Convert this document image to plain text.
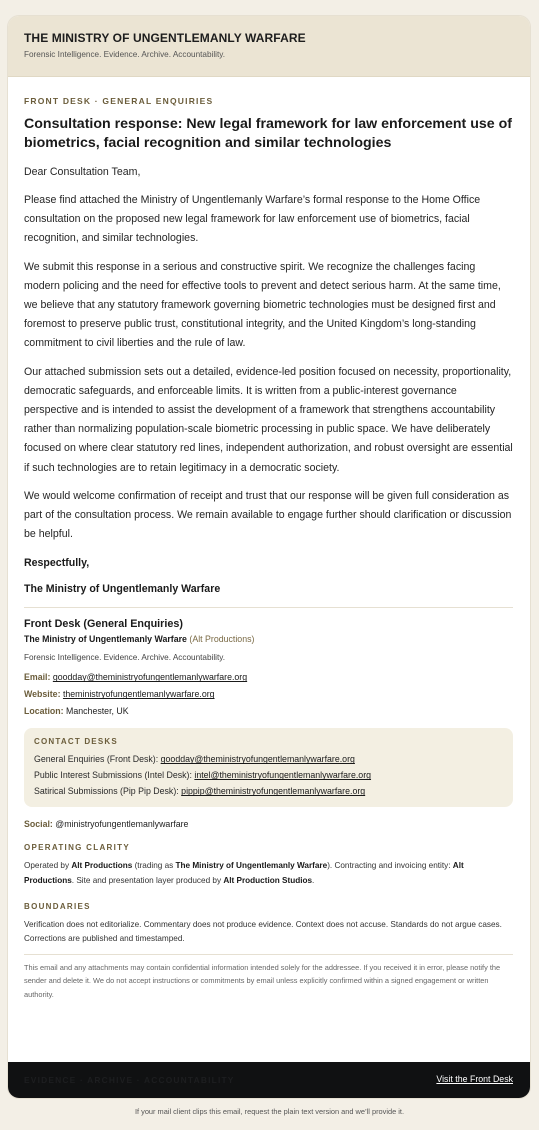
THE MINISTRY OF UNGENTLEMANLY WARFARE
Forensic Intelligence. Evidence. Archive. Accountability.
FRONT DESK · GENERAL ENQUIRIES
Consultation response: New legal framework for law enforcement use of biometrics, facial recognition and similar technologies
Dear Consultation Team,
Please find attached the Ministry of Ungentlemanly Warfare’s formal response to the Home Office consultation on the proposed new legal framework for law enforcement use of biometrics, facial recognition, and similar technologies.
We submit this response in a serious and constructive spirit. We recognize the challenges facing modern policing and the need for effective tools to prevent and detect serious harm. At the same time, we believe that any statutory framework governing biometric technologies must be designed first and foremost to preserve public trust, constitutional integrity, and the United Kingdom’s long-standing commitment to civil liberties and the rule of law.
Our attached submission sets out a detailed, evidence-led position focused on necessity, proportionality, democratic safeguards, and enforceable limits. It is written from a public-interest governance perspective and is intended to assist the development of a framework that strengthens accountability rather than normalizing population-scale biometric processing in public space. We have deliberately focused on where clear statutory red lines, independent authorization, and robust oversight are essential if such technologies are to retain legitimacy in a democratic society.
We would welcome confirmation of receipt and trust that our response will be given full consideration as part of the consultation process. We remain available to engage further should clarification or discussion be helpful.
Respectfully,
The Ministry of Ungentlemanly Warfare
Front Desk (General Enquiries)
The Ministry of Ungentlemanly Warfare (Alt Productions)
Forensic Intelligence. Evidence. Archive. Accountability.
Email: goodday@theministryofungentlemanlywarfare.org
Website: theministryofungentlemanlywarfare.org
Location: Manchester, UK
CONTACT DESKS
General Enquiries (Front Desk): goodday@theministryofungentlemanlywarfare.org
Public Interest Submissions (Intel Desk): intel@theministryofungentlemanlywarfare.org
Satirical Submissions (Pip Pip Desk): pippip@theministryofungentlemanlywarfare.org
Social: @ministryofungentlemanlywarfare
OPERATING CLARITY
Operated by Alt Productions (trading as The Ministry of Ungentlemanly Warfare). Contracting and invoicing entity: Alt Productions. Site and presentation layer produced by Alt Production Studios.
BOUNDARIES
Verification does not editorialize. Commentary does not produce evidence. Context does not accuse. Standards do not argue cases. Corrections are published and timestamped.
This email and any attachments may contain confidential information intended solely for the addressee. If you received it in error, please notify the sender and delete it. We do not accept instructions or commitments by email unless explicitly confirmed within a signed engagement or written authority.
EVIDENCE · ARCHIVE · ACCOUNTABILITY	Visit the Front Desk
If your mail client clips this email, request the plain text version and we’ll provide it.
